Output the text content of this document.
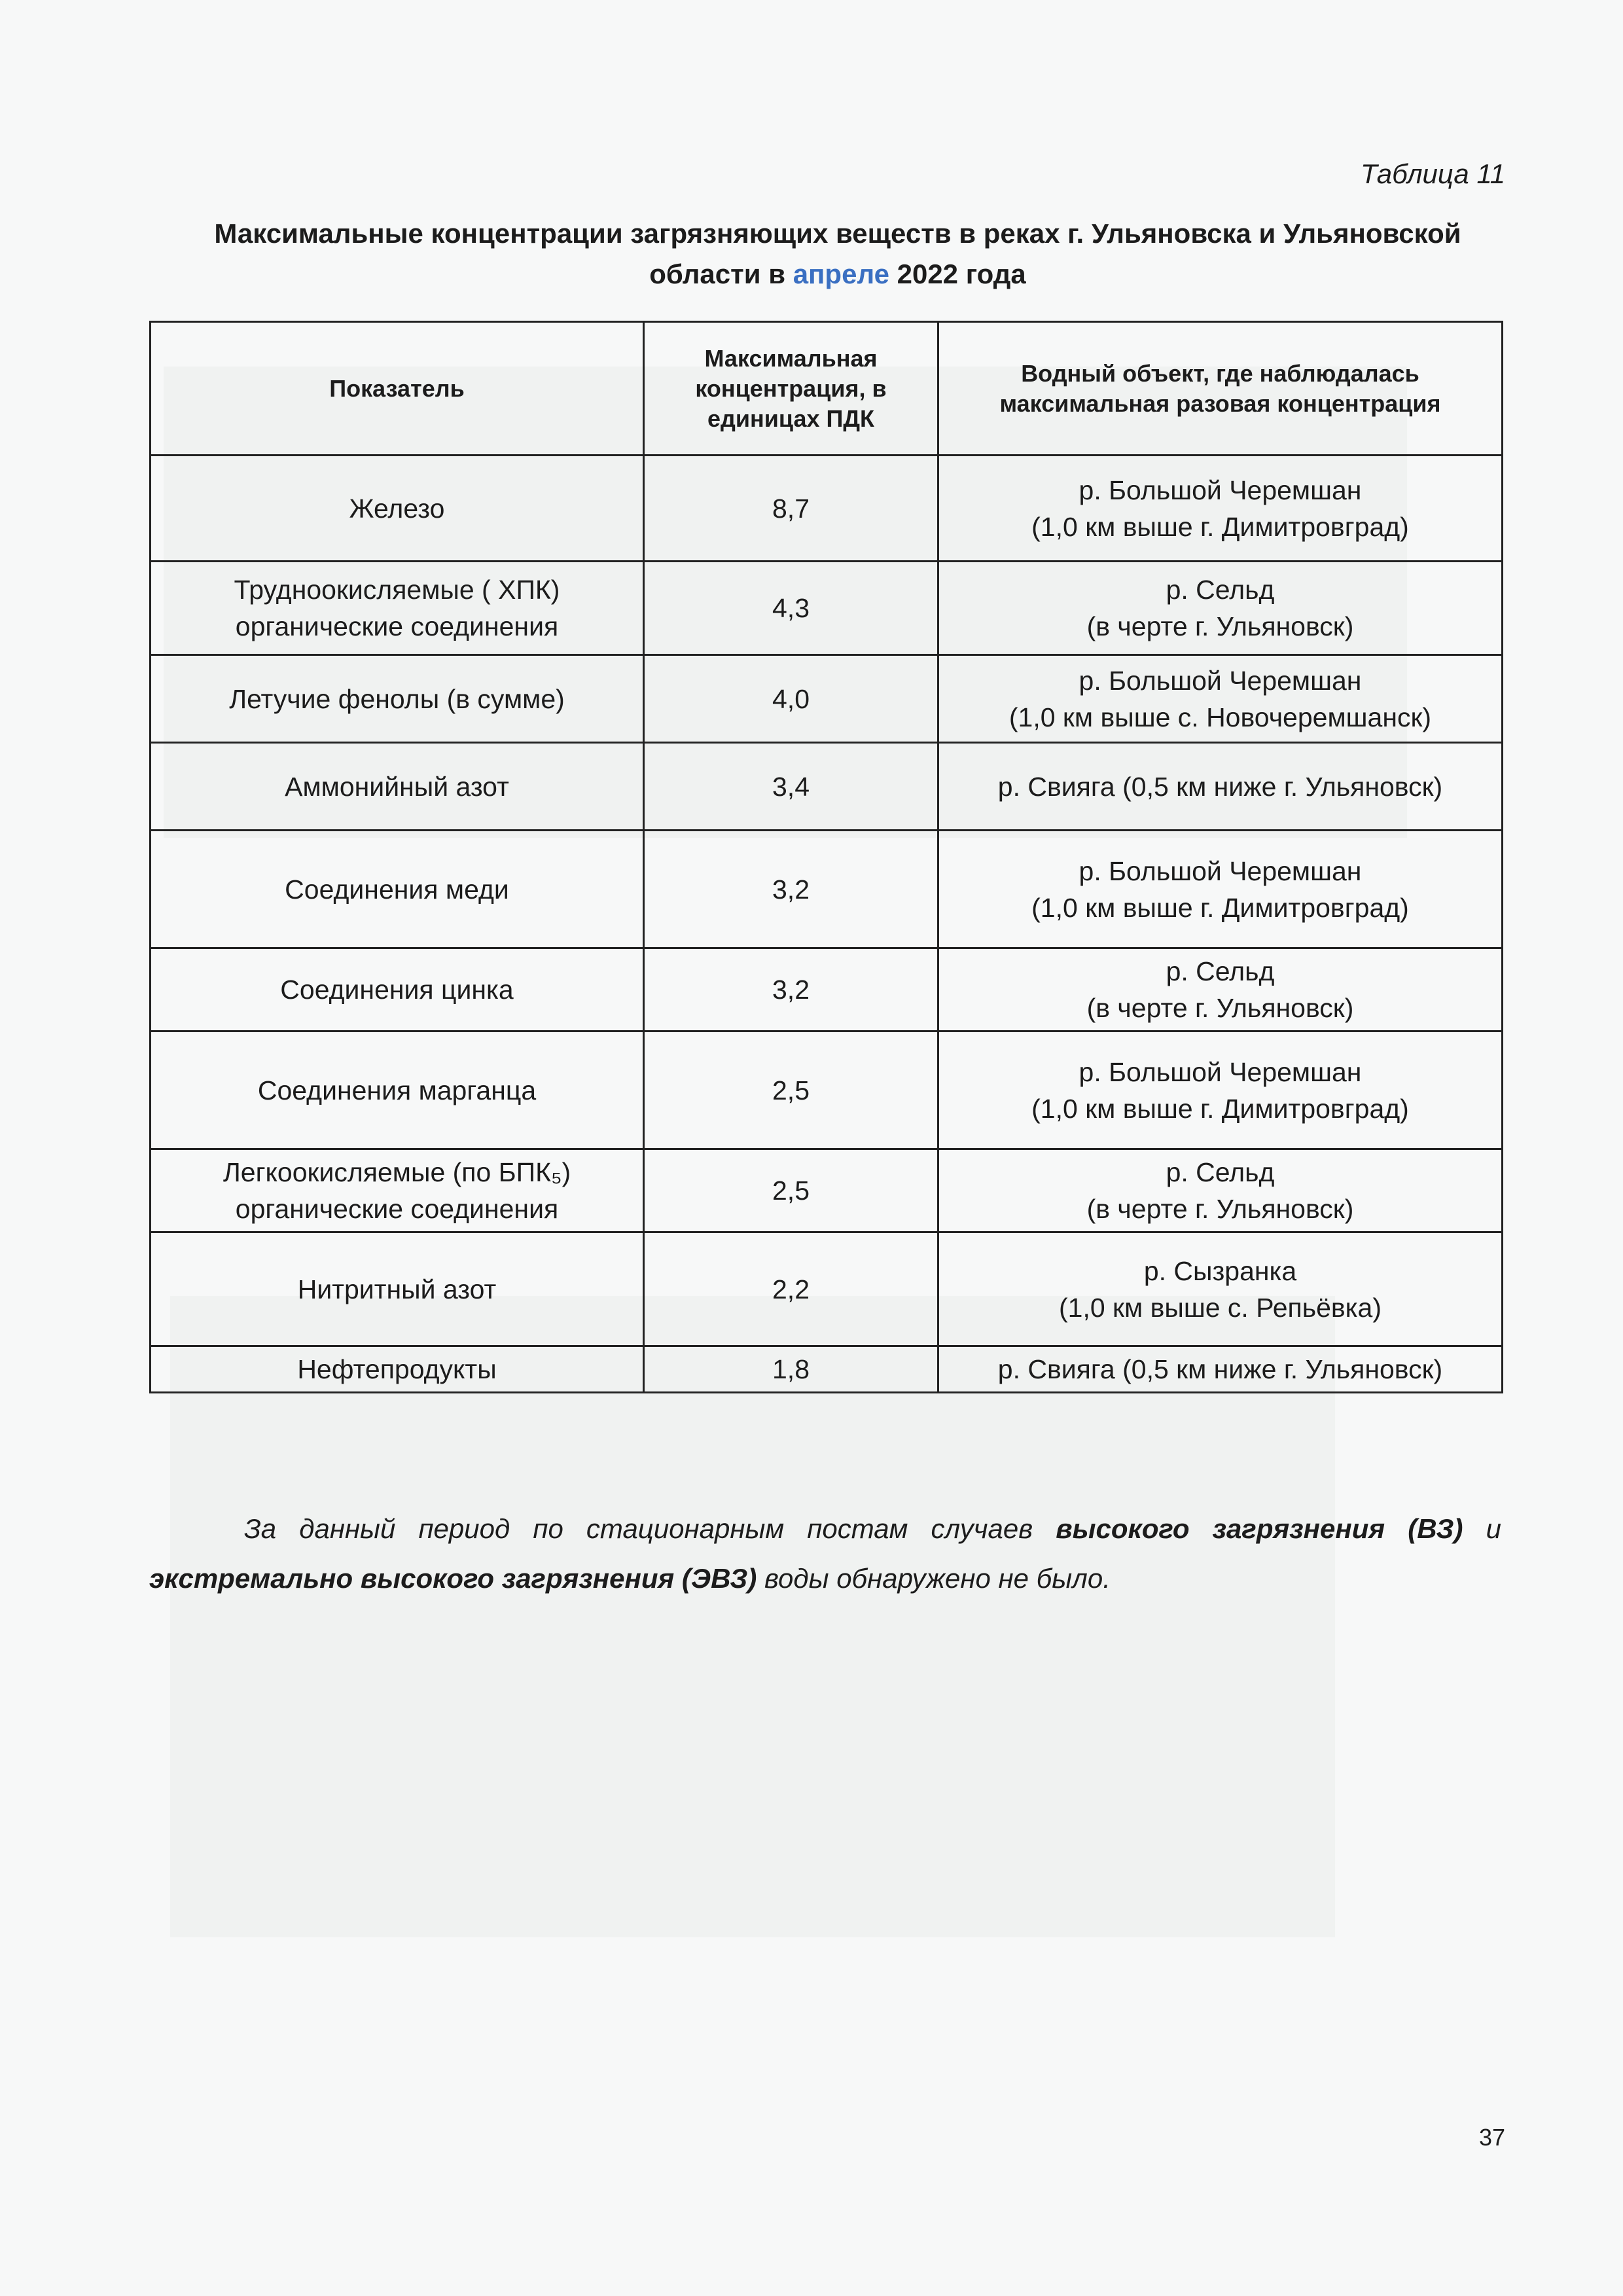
Таблица 11
Максимальные концентрации загрязняющих веществ в реках г. Ульяновска и Ульяновской области в апреле 2022 года
Показатель	Максимальная концентрация, в единицах ПДК	Водный объект, где наблюдалась максимальная разовая концентрация
Железо	8,7	р. Большой Черемшан
(1,0 км выше г. Димитровград)
Трудноокисляемые ( ХПК) органические соединения	4,3	р. Сельд
(в черте г. Ульяновск)
Летучие фенолы (в сумме)	4,0	р. Большой Черемшан
(1,0 км выше с. Новочеремшанск)
Аммонийный азот	3,4	р. Свияга (0,5 км ниже г. Ульяновск)
Соединения меди	3,2	р. Большой Черемшан
(1,0 км выше г. Димитровград)
Соединения цинка	3,2	р. Сельд
(в черте г. Ульяновск)
Соединения марганца	2,5	р. Большой Черемшан
(1,0 км выше г. Димитровград)
Легкоокисляемые (по БПК₅) органические соединения	2,5	р. Сельд
(в черте г. Ульяновск)
Нитритный азот	2,2	р. Сызранка
(1,0 км выше с. Репьёвка)
Нефтепродукты	1,8	р. Свияга (0,5 км ниже г. Ульяновск)

За данный период по стационарным постам случаев высокого загрязнения (ВЗ) и экстремально высокого загрязнения (ЭВЗ) воды обнаружено не было.

37
